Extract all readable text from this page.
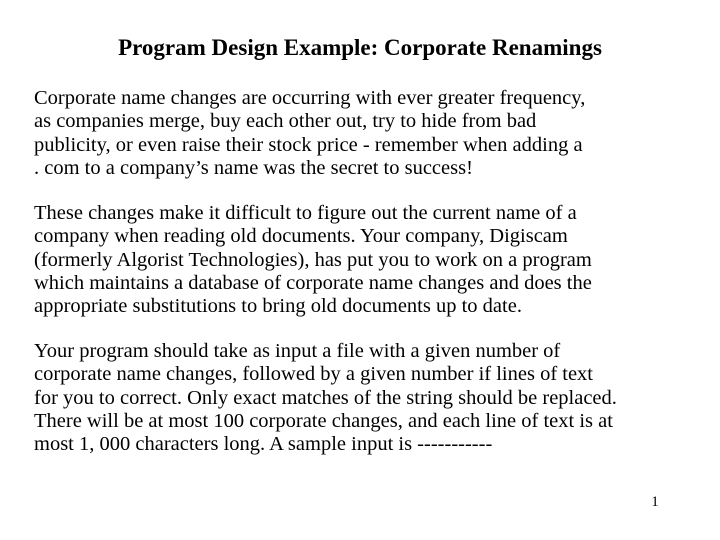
Program Design Example: Corporate Renamings
Corporate name changes are occurring with ever greater frequency,
as companies merge, buy each other out, try to hide from bad
publicity, or even raise their stock price - remember when adding a
. com to a company’s name was the secret to success!
These changes make it difficult to figure out the current name of a
company when reading old documents. Your company, Digiscam
(formerly Algorist Technologies), has put you to work on a program
which maintains a database of corporate name changes and does the
appropriate substitutions to bring old documents up to date.
Your program should take as input a file with a given number of
corporate name changes, followed by a given number if lines of text
for you to correct. Only exact matches of the string should be replaced.
There will be at most 100 corporate changes, and each line of text is at
most 1, 000 characters long. A sample input is -----------
1
